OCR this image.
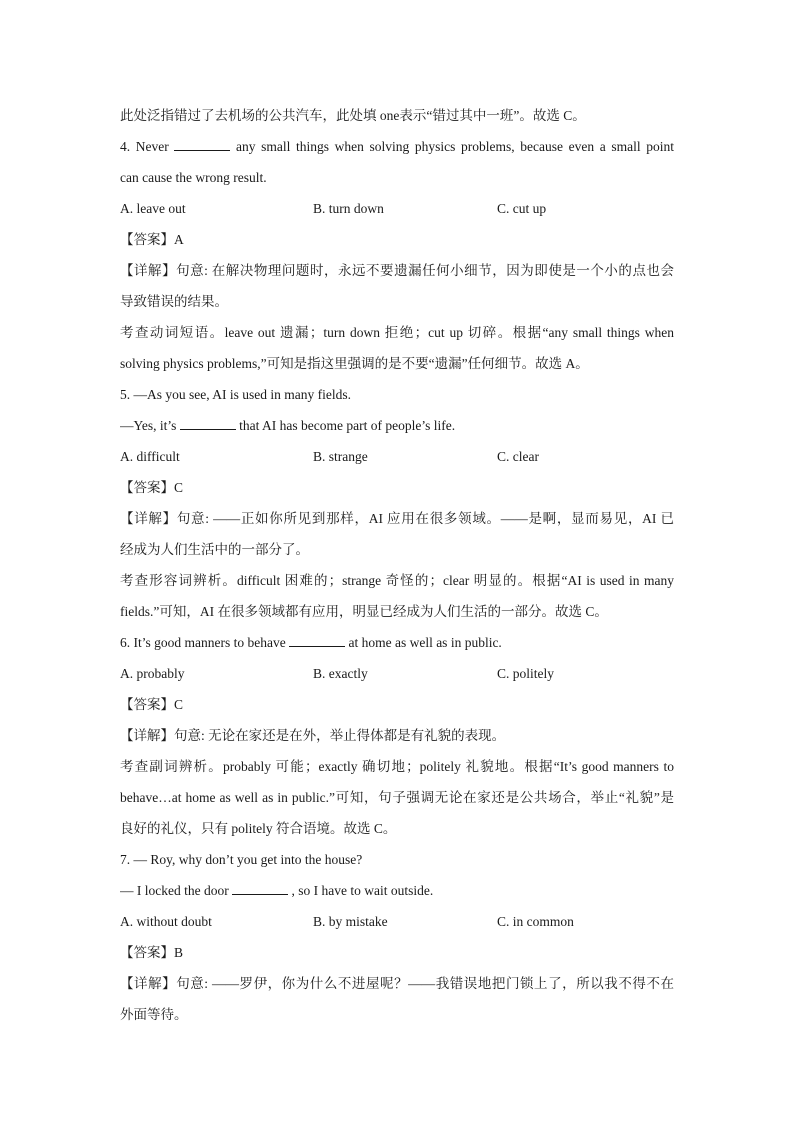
此处泛指错过了去机场的公共汽车，此处填 one表示“错过其中一班”。故选 C。
4. Never	any small things when solving physics problems, because even a small point
can cause the wrong result.
A. leave out	B. turn down	C. cut up
【答案】A
【详解】句意: 在解决物理问题时，永远不要遗漏任何小细节，因为即使是一个小的点也会
导致错误的结果。
考查动词短语。leave out 遗漏；turn down 拒绝；cut up 切碎。根据“any small things when
solving physics problems,”可知是指这里强调的是不要“遗漏”任何细节。故选 A。
5. —As you see, AI is used in many fields.
—Yes, it’s	that AI has become part of people’s life.
A. difficult	B. strange	C. clear
【答案】C
【详解】句意: ——正如你所见到那样，AI 应用在很多领域。——是啊，显而易见，AI 已
经成为人们生活中的一部分了。
考查形容词辨析。difficult 困难的；strange 奇怪的；clear 明显的。根据“AI is used in many
fields.”可知，AI 在很多领域都有应用，明显已经成为人们生活的一部分。故选 C。
6. It’s good manners to behave	at home as well as in public.
A. probably	B. exactly	C. politely
【答案】C
【详解】句意: 无论在家还是在外，举止得体都是有礼貌的表现。
考查副词辨析。probably 可能；exactly 确切地；politely 礼貌地。根据“It’s good manners to
behave…at home as well as in public.”可知，句子强调无论在家还是公共场合，举止“礼貌”是
良好的礼仪，只有 politely 符合语境。故选 C。
7. — Roy, why don’t you get into the house?
— I locked the door	, so I have to wait outside.
A. without doubt	B. by mistake	C. in common
【答案】B
【详解】句意: ——罗伊，你为什么不进屋呢？——我错误地把门锁上了，所以我不得不在
外面等待。
